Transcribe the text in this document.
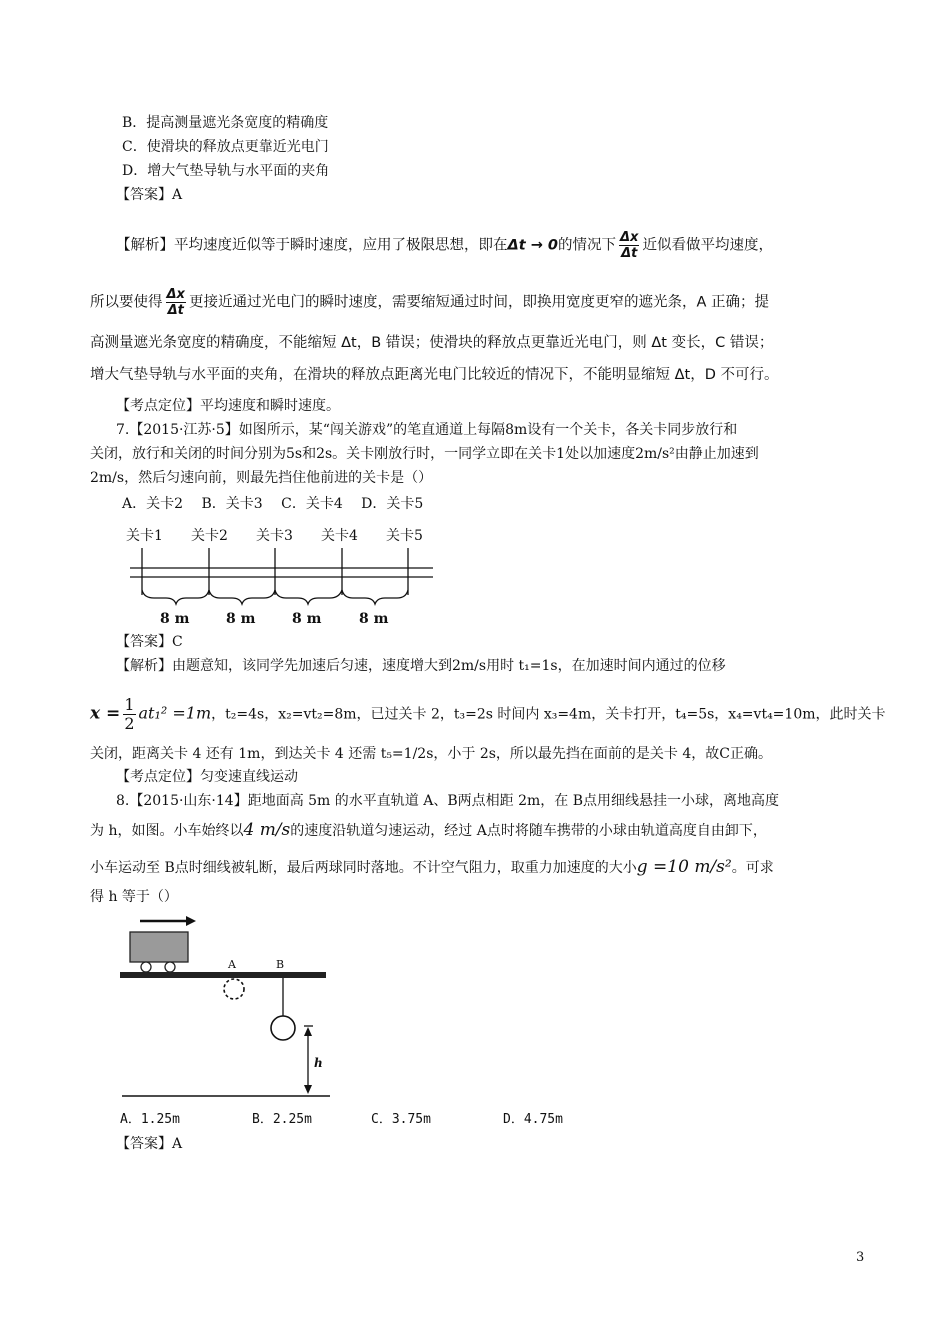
B．提高测量遮光条宽度的精确度
C．使滑块的释放点更靠近光电门
D．增大气垫导轨与水平面的夹角
【答案】A
【解析】平均速度近似等于瞬时速度，应用了极限思想，即在Δt → 0的情况下 $\frac{\Delta x}{\Delta t}$ 近似看做平均速度，
所以要使得 $\frac{\Delta x}{\Delta t}$ 更接近通过光电门的瞬时速度，需要缩短通过时间，即换用宽度更窄的遮光条，A 正确；提
高测量遮光条宽度的精确度，不能缩短 Δt，B 错误；使滑块的释放点更靠近光电门，则 Δt 变长，C 错误；
增大气垫导轨与水平面的夹角，在滑块的释放点距离光电门比较近的情况下，不能明显缩短 Δt，D 不可行。
【考点定位】平均速度和瞬时速度。
7.【2015·江苏·5】如图所示，某“闯关游戏”的笔直通道上每隔8m设有一个关卡，各关卡同步放行和
关闭，放行和关闭的时间分别为5s和2s。关卡刚放行时，一同学立即在关卡1处以加速度2m/s²由静止加速到
2m/s，然后匀速向前，则最先挡住他前进的关卡是（）
A．关卡2　 B．关卡3　 C．关卡4　 D．关卡5
关卡1 关卡2 关卡3 关卡4 关卡5
8 m	8 m	8 m	8 m
【答案】C
【解析】由题意知，该同学先加速后匀速，速度增大到2m/s用时 t₁=1s，在加速时间内通过的位移
$x = \frac{1}{2} at_1^2 =1m$，t₂=4s，x₂=vt₂=8m，已过关卡 2，t₃=2s 时间内 x₃=4m，关卡打开，t₄=5s，x₄=vt₄=10m，此时关卡
关闭，距离关卡 4 还有 1m，到达关卡 4 还需 t₅=1/2s，小于 2s，所以最先挡在面前的是关卡 4，故C正确。
【考点定位】匀变速直线运动
8.【2015·山东·14】距地面高 5m 的水平直轨道 A、B两点相距 2m，在 B点用细线悬挂一小球，离地高度
为 h，如图。小车始终以4 m/s的速度沿轨道匀速运动，经过 A点时将随车携带的小球由轨道高度自由卸下，
小车运动至 B点时细线被轧断，最后两球同时落地。不计空气阻力，取重力加速度的大小g =10 m/s²。可求
得 h 等于（）
A	B
h
A．1.25m	B．2.25m	C．3.75m	D．4.75m
【答案】A
3
